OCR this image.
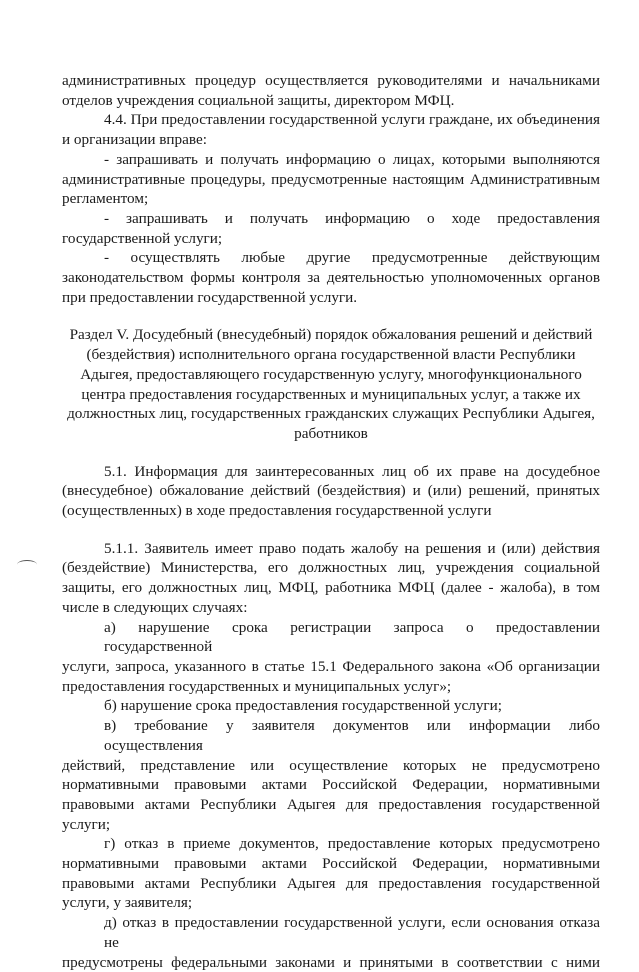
административных процедур осуществляется руководителями и начальниками
отделов учреждения социальной защиты, директором МФЦ.
4.4. При предоставлении государственной услуги граждане, их объединения
и организации вправе:
- запрашивать и получать информацию о лицах, которыми выполняются
административные процедуры, предусмотренные настоящим Административным
регламентом;
- запрашивать и получать информацию о ходе предоставления
государственной услуги;
- осуществлять любые другие предусмотренные действующим
законодательством формы контроля за деятельностью уполномоченных органов
при предоставлении государственной услуги.
Раздел V. Досудебный (внесудебный) порядок обжалования решений и действий
(бездействия) исполнительного органа государственной власти Республики
Адыгея, предоставляющего государственную услугу, многофункционального
центра предоставления государственных и муниципальных услуг, а также их
должностных лиц, государственных гражданских служащих Республики Адыгея,
работников
5.1. Информация для заинтересованных лиц об их праве на досудебное
(внесудебное) обжалование действий (бездействия) и (или) решений, принятых
(осуществленных) в ходе предоставления государственной услуги
5.1.1. Заявитель имеет право подать жалобу на решения и (или) действия
(бездействие) Министерства, его должностных лиц, учреждения социальной
защиты, его должностных лиц, МФЦ, работника МФЦ (далее - жалоба), в том
числе в следующих случаях:
а) нарушение срока регистрации запроса о предоставлении государственной
услуги, запроса, указанного в статье 15.1 Федерального закона «Об организации
предоставления государственных и муниципальных услуг»;
б) нарушение срока предоставления государственной услуги;
в) требование у заявителя документов или информации либо осуществления
действий, представление или осуществление которых не предусмотрено
нормативными правовыми актами Российской Федерации, нормативными
правовыми актами Республики Адыгея для предоставления государственной
услуги;
г) отказ в приеме документов, предоставление которых предусмотрено
нормативными правовыми актами Российской Федерации, нормативными
правовыми актами Республики Адыгея для предоставления государственной
услуги, у заявителя;
д) отказ в предоставлении государственной услуги, если основания отказа не
предусмотрены федеральными законами и принятыми в соответствии с ними
